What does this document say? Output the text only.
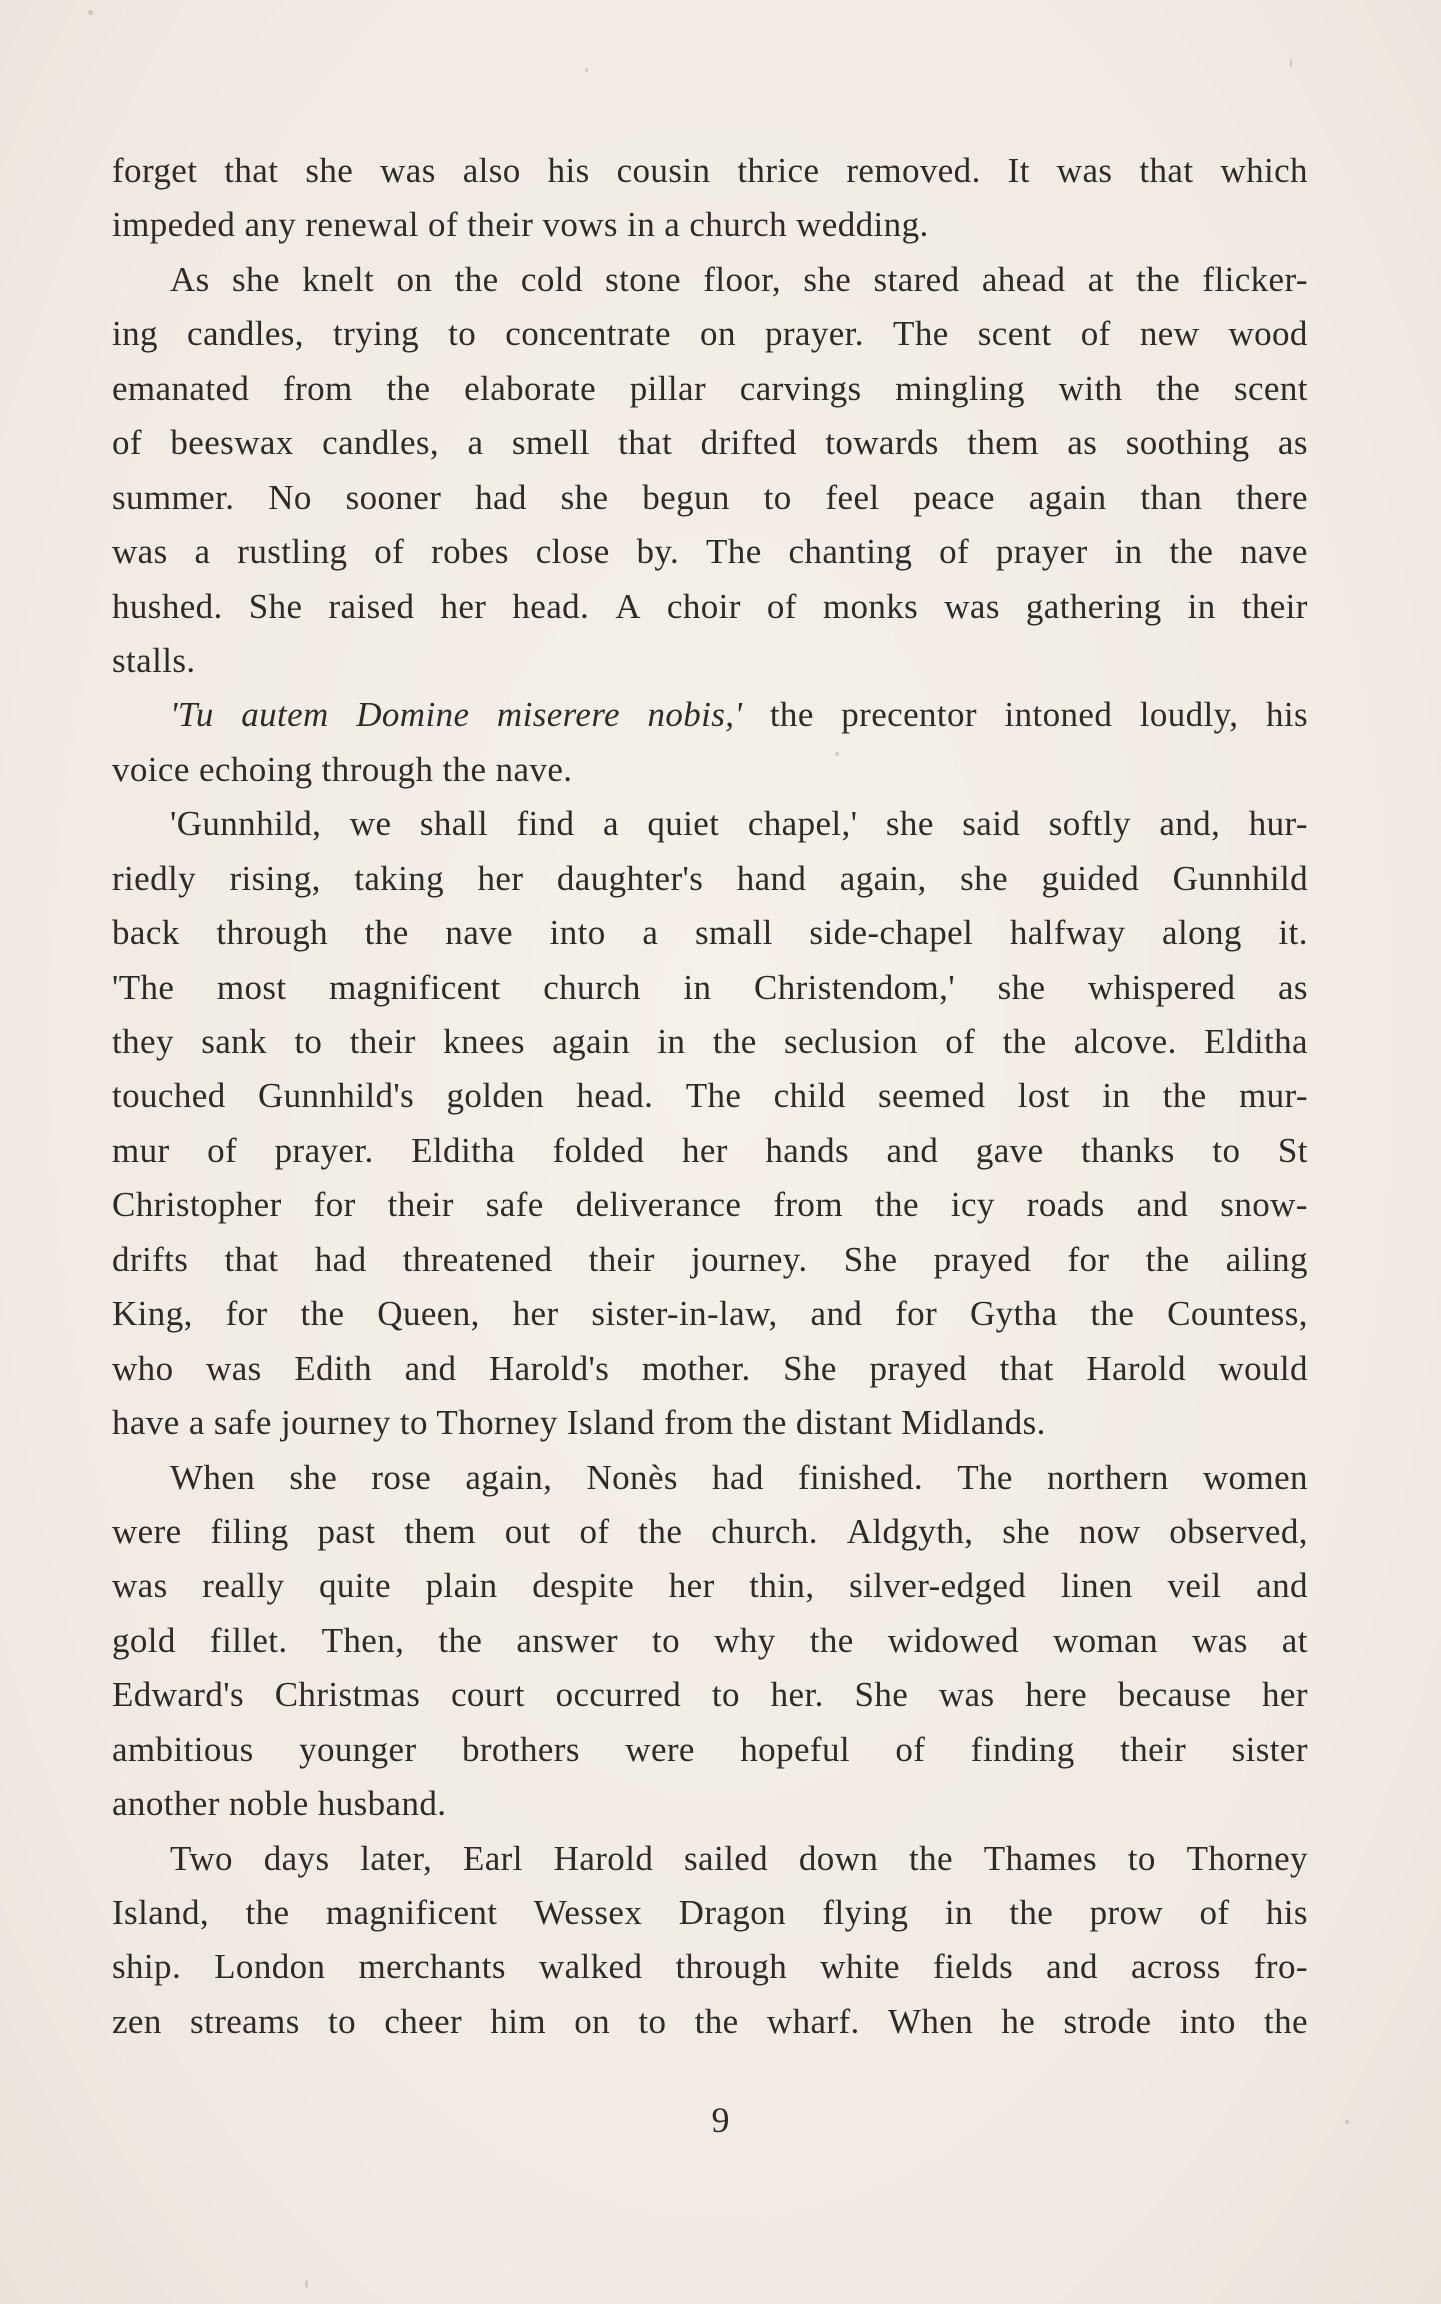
forget that she was also his cousin thrice removed. It was that which
impeded any renewal of their vows in a church wedding.
As she knelt on the cold stone floor, she stared ahead at the flicker-
ing candles, trying to concentrate on prayer. The scent of new wood
emanated from the elaborate pillar carvings mingling with the scent
of beeswax candles, a smell that drifted towards them as soothing as
summer. No sooner had she begun to feel peace again than there
was a rustling of robes close by. The chanting of prayer in the nave
hushed. She raised her head. A choir of monks was gathering in their
stalls.
'Tu autem Domine miserere nobis,' the precentor intoned loudly, his
voice echoing through the nave.
'Gunnhild, we shall find a quiet chapel,' she said softly and, hur-
riedly rising, taking her daughter's hand again, she guided Gunnhild
back through the nave into a small side-chapel halfway along it.
'The most magnificent church in Christendom,' she whispered as
they sank to their knees again in the seclusion of the alcove. Elditha
touched Gunnhild's golden head. The child seemed lost in the mur-
mur of prayer. Elditha folded her hands and gave thanks to St
Christopher for their safe deliverance from the icy roads and snow-
drifts that had threatened their journey. She prayed for the ailing
King, for the Queen, her sister-in-law, and for Gytha the Countess,
who was Edith and Harold's mother. She prayed that Harold would
have a safe journey to Thorney Island from the distant Midlands.
When she rose again, Nonès had finished. The northern women
were filing past them out of the church. Aldgyth, she now observed,
was really quite plain despite her thin, silver-edged linen veil and
gold fillet. Then, the answer to why the widowed woman was at
Edward's Christmas court occurred to her. She was here because her
ambitious younger brothers were hopeful of finding their sister
another noble husband.
Two days later, Earl Harold sailed down the Thames to Thorney
Island, the magnificent Wessex Dragon flying in the prow of his
ship. London merchants walked through white fields and across fro-
zen streams to cheer him on to the wharf. When he strode into the
9
